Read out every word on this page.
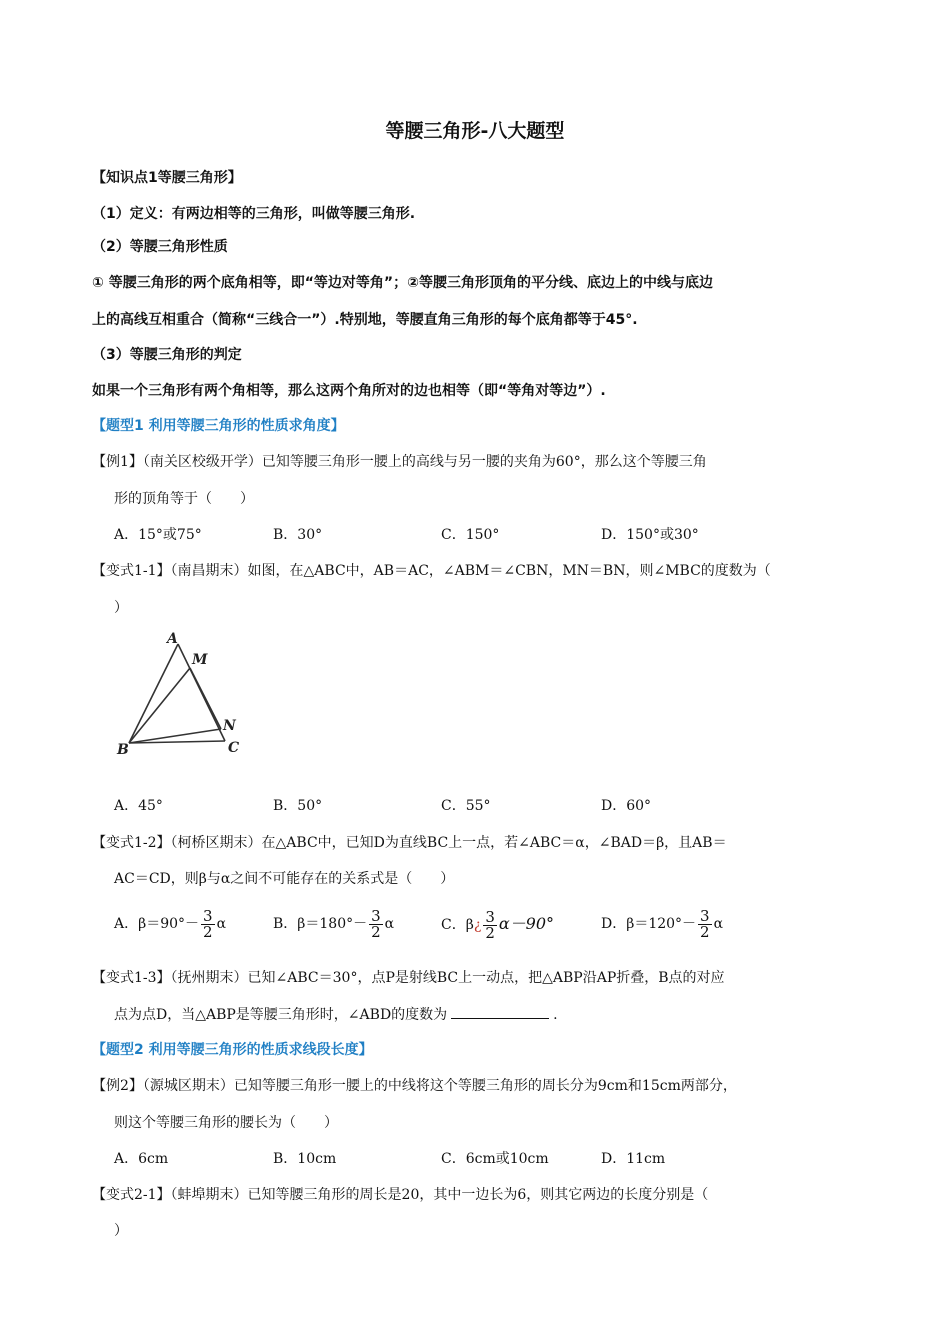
等腰三角形-八大题型
【知识点1等腰三角形】
（1）定义：有两边相等的三角形，叫做等腰三角形.
（2）等腰三角形性质
① 等腰三角形的两个底角相等，即“等边对等角”；②等腰三角形顶角的平分线、底边上的中线与底边
上的高线互相重合（简称“三线合一”）.特别地，等腰直角三角形的每个底角都等于45°.
（3）等腰三角形的判定
如果一个三角形有两个角相等，那么这两个角所对的边也相等（即“等角对等边”）.
【题型1 利用等腰三角形的性质求角度】
【例1】（南关区校级开学）已知等腰三角形一腰上的高线与另一腰的夹角为60°，那么这个等腰三角
形的顶角等于（　　）
A．15°或75°	B．30°	C．150°	D．150°或30°
【变式1-1】（南昌期末）如图，在△ABC中，AB＝AC，∠ABM＝∠CBN，MN＝BN，则∠MBC的度数为（
）
A
M
N
B	C
A．45°	B．50°	C．55°	D．60°
【变式1-2】（柯桥区期末）在△ABC中，已知D为直线BC上一点，若∠ABC＝α，∠BAD＝β，且AB＝
AC＝CD，则β与α之间不可能存在的关系式是（　　）
A．$\beta=90^\circ- \frac{3}{2}$ α	B．$\beta=180^\circ- \frac{3}{2}$ α	C．β¿ $\frac{3}{2} \alpha-90^\circ$	D．$\beta=120^\circ- \frac{3}{2}$ α
【变式1-3】（抚州期末）已知∠ABC＝30°，点P是射线BC上一动点，把△ABP沿AP折叠，B点的对应
点为点D，当△ABP是等腰三角形时，∠ABD的度数为	.
【题型2 利用等腰三角形的性质求线段长度】
【例2】（源城区期末）已知等腰三角形一腰上的中线将这个等腰三角形的周长分为9cm和15cm两部分，
则这个等腰三角形的腰长为（　　）
A．6cm	B．10cm	C．6cm或10cm	D．11cm
【变式2-1】（蚌埠期末）已知等腰三角形的周长是20，其中一边长为6，则其它两边的长度分别是（
）
